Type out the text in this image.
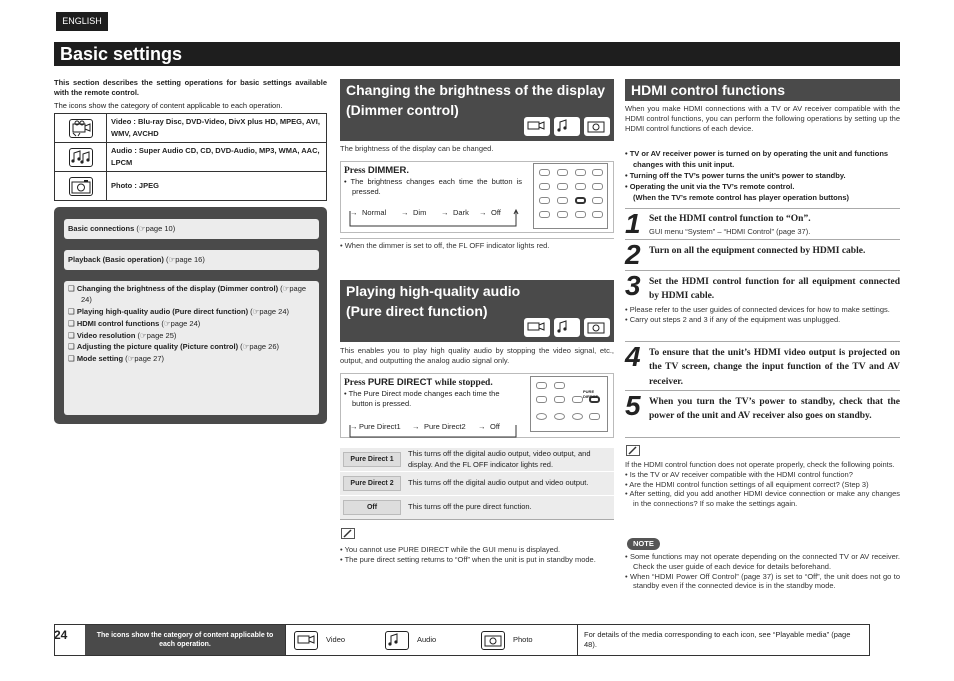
ENGLISH
Basic settings
This section describes the setting operations for basic settings available with the remote control.
The icons show the category of content applicable to each operation.
	Video : Blu-ray Disc, DVD-Video, DivX plus HD, MPEG, AVI, WMV, AVCHD

	Audio : Super Audio CD, CD, DVD-Audio, MP3, WMA, AAC, LPCM

	Photo : JPEG
Basic connections (☞page 10)
Playback (Basic operation) (☞page 16)
❑ Changing the brightness of the display (Dimmer control) (☞page 24)
❑ Playing high-quality audio (Pure direct function) (☞page 24)
❑ HDMI control functions (☞page 24)
❑ Video resolution (☞page 25)
❑ Adjusting the picture quality (Picture control) (☞page 26)
❑ Mode setting (☞page 27)
Changing the brightness of the display
(Dimmer control)
The brightness of the display can be changed.
Press DIMMER.
• The brightness changes each time the button is pressed.
→ Normal → Dim → Dark → Off
• When the dimmer is set to off, the FL OFF indicator lights red.
Playing high-quality audio
(Pure direct function)
This enables you to play high quality audio by stopping the video signal, etc., output, and outputting the analog audio signal only.
Press PURE DIRECT while stopped.
• The Pure Direct mode changes each time the button is pressed.
→ Pure Direct1 → Pure Direct2 → Off
PURE DIRECT
Pure Direct 1
This turns off the digital audio output, video output, and display. And the FL OFF indicator lights red.
Pure Direct 2	This turns off the digital audio output and video output.
Off	This turns off the pure direct function.
• You cannot use PURE DIRECT while the GUI menu is displayed.
• The pure direct setting returns to “Off” when the unit is put in standby mode.
HDMI control functions
When you make HDMI connections with a TV or AV receiver compatible with the HDMI control functions, you can perform the following operations by setting up the HDMI control functions of each device.
• TV or AV receiver power is turned on by operating the unit and functions changes with this unit input.
• Turning off the TV’s power turns the unit’s power to standby.
• Operating the unit via the TV’s remote control.
(When the TV’s remote control has player operation buttons)
1 Set the HDMI control function to “On”.
GUI menu “System” – “HDMI Control” (page 37).
2 Turn on all the equipment connected by HDMI cable.
3 Set the HDMI control function for all equipment connected by HDMI cable.
• Please refer to the user guides of connected devices for how to make settings.
• Carry out steps 2 and 3 if any of the equipment was unplugged.
4 To ensure that the unit’s HDMI video output is projected on the TV screen, change the input function of the TV and AV receiver.
5 When you turn the TV’s power to standby, check that the power of the unit and AV receiver also goes on standby.
If the HDMI control function does not operate properly, check the following points.
• Is the TV or AV receiver compatible with the HDMI control function?
• Are the HDMI control function settings of all equipment correct? (Step 3)
• After setting, did you add another HDMI device connection or make any changes in the connections? If so make the settings again.
NOTE
• Some functions may not operate depending on the connected TV or AV receiver. Check the user guide of each device for details beforehand.
• When “HDMI Power Off Control” (page 37) is set to “Off”, the unit does not go to standby even if the connected device is in the standby mode.
24	The icons show the category of content applicable to each operation.
Video	Audio	Photo
For details of the media corresponding to each icon, see “Playable media” (page 48).
